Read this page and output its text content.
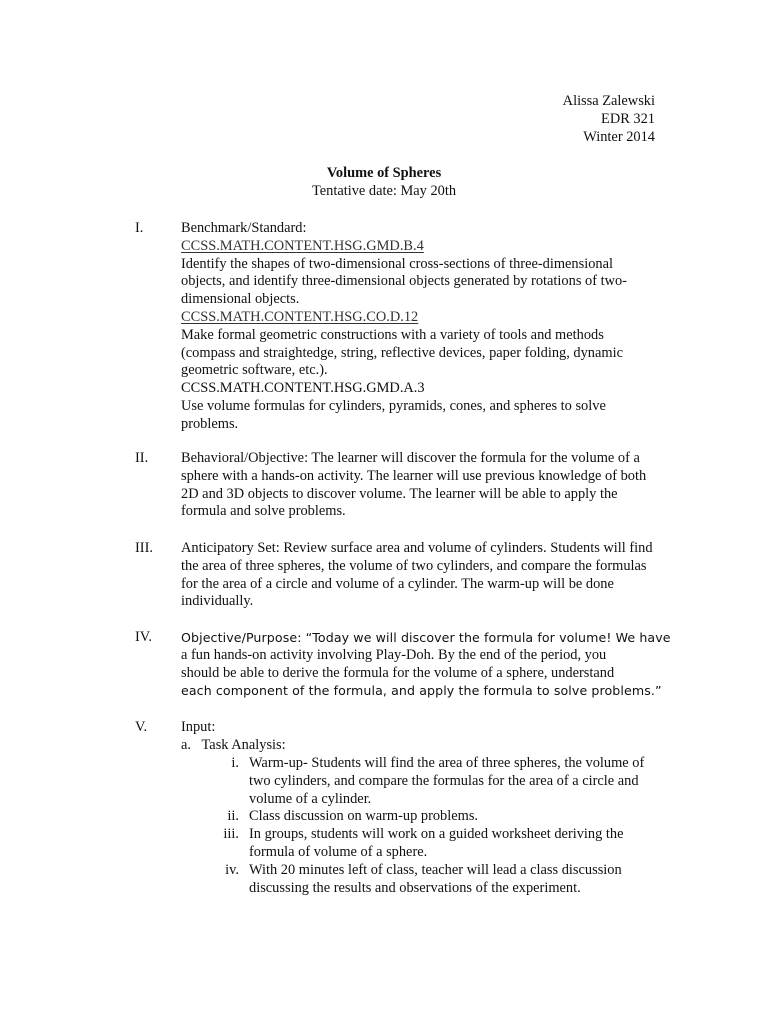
Alissa Zalewski

EDR 321

Winter 2014

Volume of Spheres

Tentative date: May 20th

I.	Benchmark/Standard:

CCSS.MATH.CONTENT.HSG.GMD.B.4

Identify the shapes of two-dimensional cross-sections of three-dimensional objects, and identify three-dimensional objects generated by rotations of two-dimensional objects.

CCSS.MATH.CONTENT.HSG.CO.D.12

Make formal geometric constructions with a variety of tools and methods (compass and straightedge, string, reflective devices, paper folding, dynamic geometric software, etc.).

CCSS.MATH.CONTENT.HSG.GMD.A.3

Use volume formulas for cylinders, pyramids, cones, and spheres to solve problems.

II.	Behavioral/Objective: The learner will discover the formula for the volume of a sphere with a hands-on activity. The learner will use previous knowledge of both 2D and 3D objects to discover volume. The learner will be able to apply the formula and solve problems.

III.	Anticipatory Set: Review surface area and volume of cylinders. Students will find the area of three spheres, the volume of two cylinders, and compare the formulas for the area of a circle and volume of a cylinder. The warm-up will be done individually.

IV.	Objective/Purpose: “Today we will discover the formula for volume! We have

a fun hands-on activity involving Play-Doh. By the end of the period, you

should be able to derive the formula for the volume of a sphere, understand

each component of the formula, and apply the formula to solve problems.”

V.	Input:

a.   Task Analysis:

i. Warm-up- Students will find the area of three spheres, the volume of two cylinders, and compare the formulas for the area of a circle and volume of a cylinder.

ii. Class discussion on warm-up problems.

iii. In groups, students will work on a guided worksheet deriving the formula of volume of a sphere.

iv. With 20 minutes left of class, teacher will lead a class discussion discussing the results and observations of the experiment.
